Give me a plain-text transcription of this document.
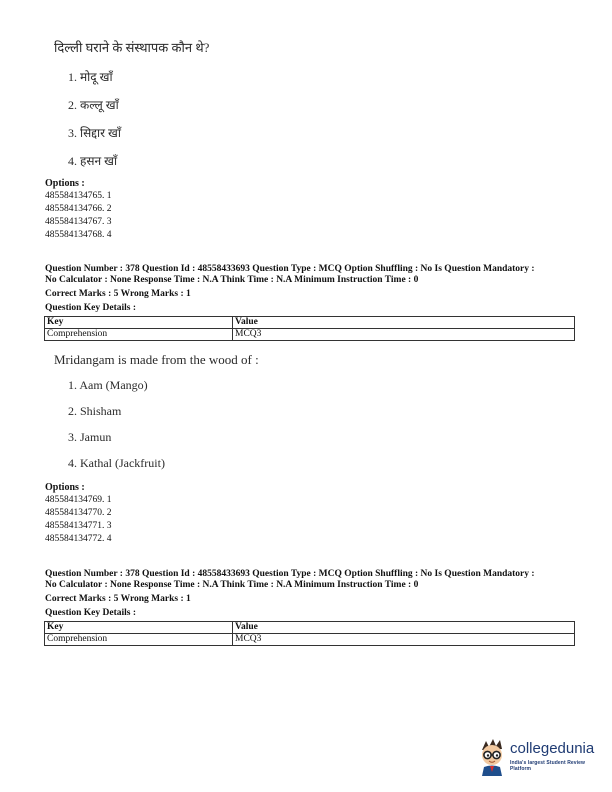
दिल्ली घराने के संस्थापक कौन थे?
1. मोदू खाँ
2. कल्लू खाँ
3. सिद्दार खाँ
4. हसन खाँ
Options :
485584134765. 1
485584134766. 2
485584134767. 3
485584134768. 4
Question Number : 378 Question Id : 48558433693 Question Type : MCQ Option Shuffling : No Is Question Mandatory :
No Calculator : None Response Time : N.A Think Time : N.A Minimum Instruction Time : 0
Correct Marks : 5 Wrong Marks : 1
Question Key Details :
Key	Value
Comprehension	MCQ3
Mridangam is made from the wood of :
1. Aam (Mango)
2. Shisham
3. Jamun
4. Kathal (Jackfruit)
Options :
485584134769. 1
485584134770. 2
485584134771. 3
485584134772. 4
Question Number : 378 Question Id : 48558433693 Question Type : MCQ Option Shuffling : No Is Question Mandatory :
No Calculator : None Response Time : N.A Think Time : N.A Minimum Instruction Time : 0
Correct Marks : 5 Wrong Marks : 1
Question Key Details :
Key	Value
Comprehension	MCQ3
collegedunia
India's largest Student Review Platform
